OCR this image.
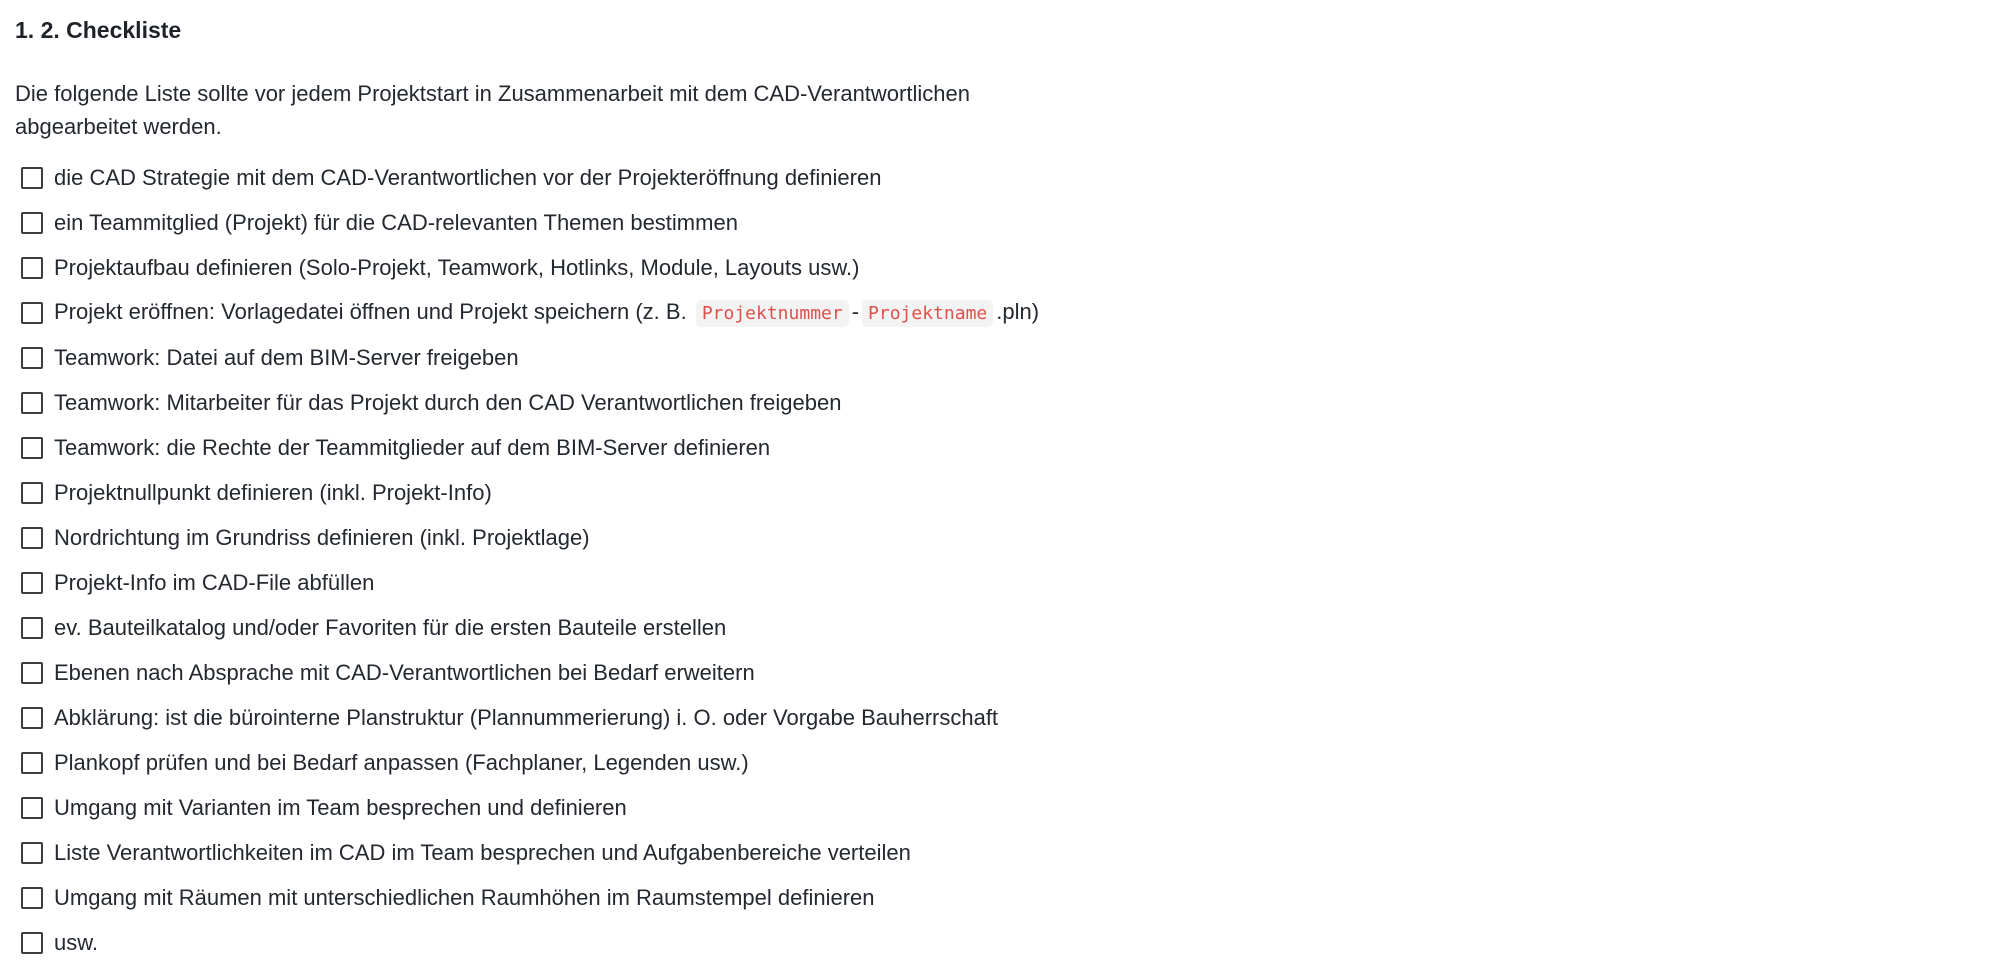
1. 2. Checkliste
Die folgende Liste sollte vor jedem Projektstart in Zusammenarbeit mit dem CAD-Verantwortlichen abgearbeitet werden.
die CAD Strategie mit dem CAD-Verantwortlichen vor der Projekteröffnung definieren
ein Teammitglied (Projekt) für die CAD-relevanten Themen bestimmen
Projektaufbau definieren (Solo-Projekt, Teamwork, Hotlinks, Module, Layouts usw.)
Projekt eröffnen: Vorlagedatei öffnen und Projekt speichern (z. B. Projektnummer - Projektname .pln)
Teamwork: Datei auf dem BIM-Server freigeben
Teamwork: Mitarbeiter für das Projekt durch den CAD Verantwortlichen freigeben
Teamwork: die Rechte der Teammitglieder auf dem BIM-Server definieren
Projektnullpunkt definieren (inkl. Projekt-Info)
Nordrichtung im Grundriss definieren (inkl. Projektlage)
Projekt-Info im CAD-File abfüllen
ev. Bauteilkatalog und/oder Favoriten für die ersten Bauteile erstellen
Ebenen nach Absprache mit CAD-Verantwortlichen bei Bedarf erweitern
Abklärung: ist die bürointerne Planstruktur (Plannummerierung) i. O. oder Vorgabe Bauherrschaft
Plankopf prüfen und bei Bedarf anpassen (Fachplaner, Legenden usw.)
Umgang mit Varianten im Team besprechen und definieren
Liste Verantwortlichkeiten im CAD im Team besprechen und Aufgabenbereiche verteilen
Umgang mit Räumen mit unterschiedlichen Raumhöhen im Raumstempel definieren
usw.
